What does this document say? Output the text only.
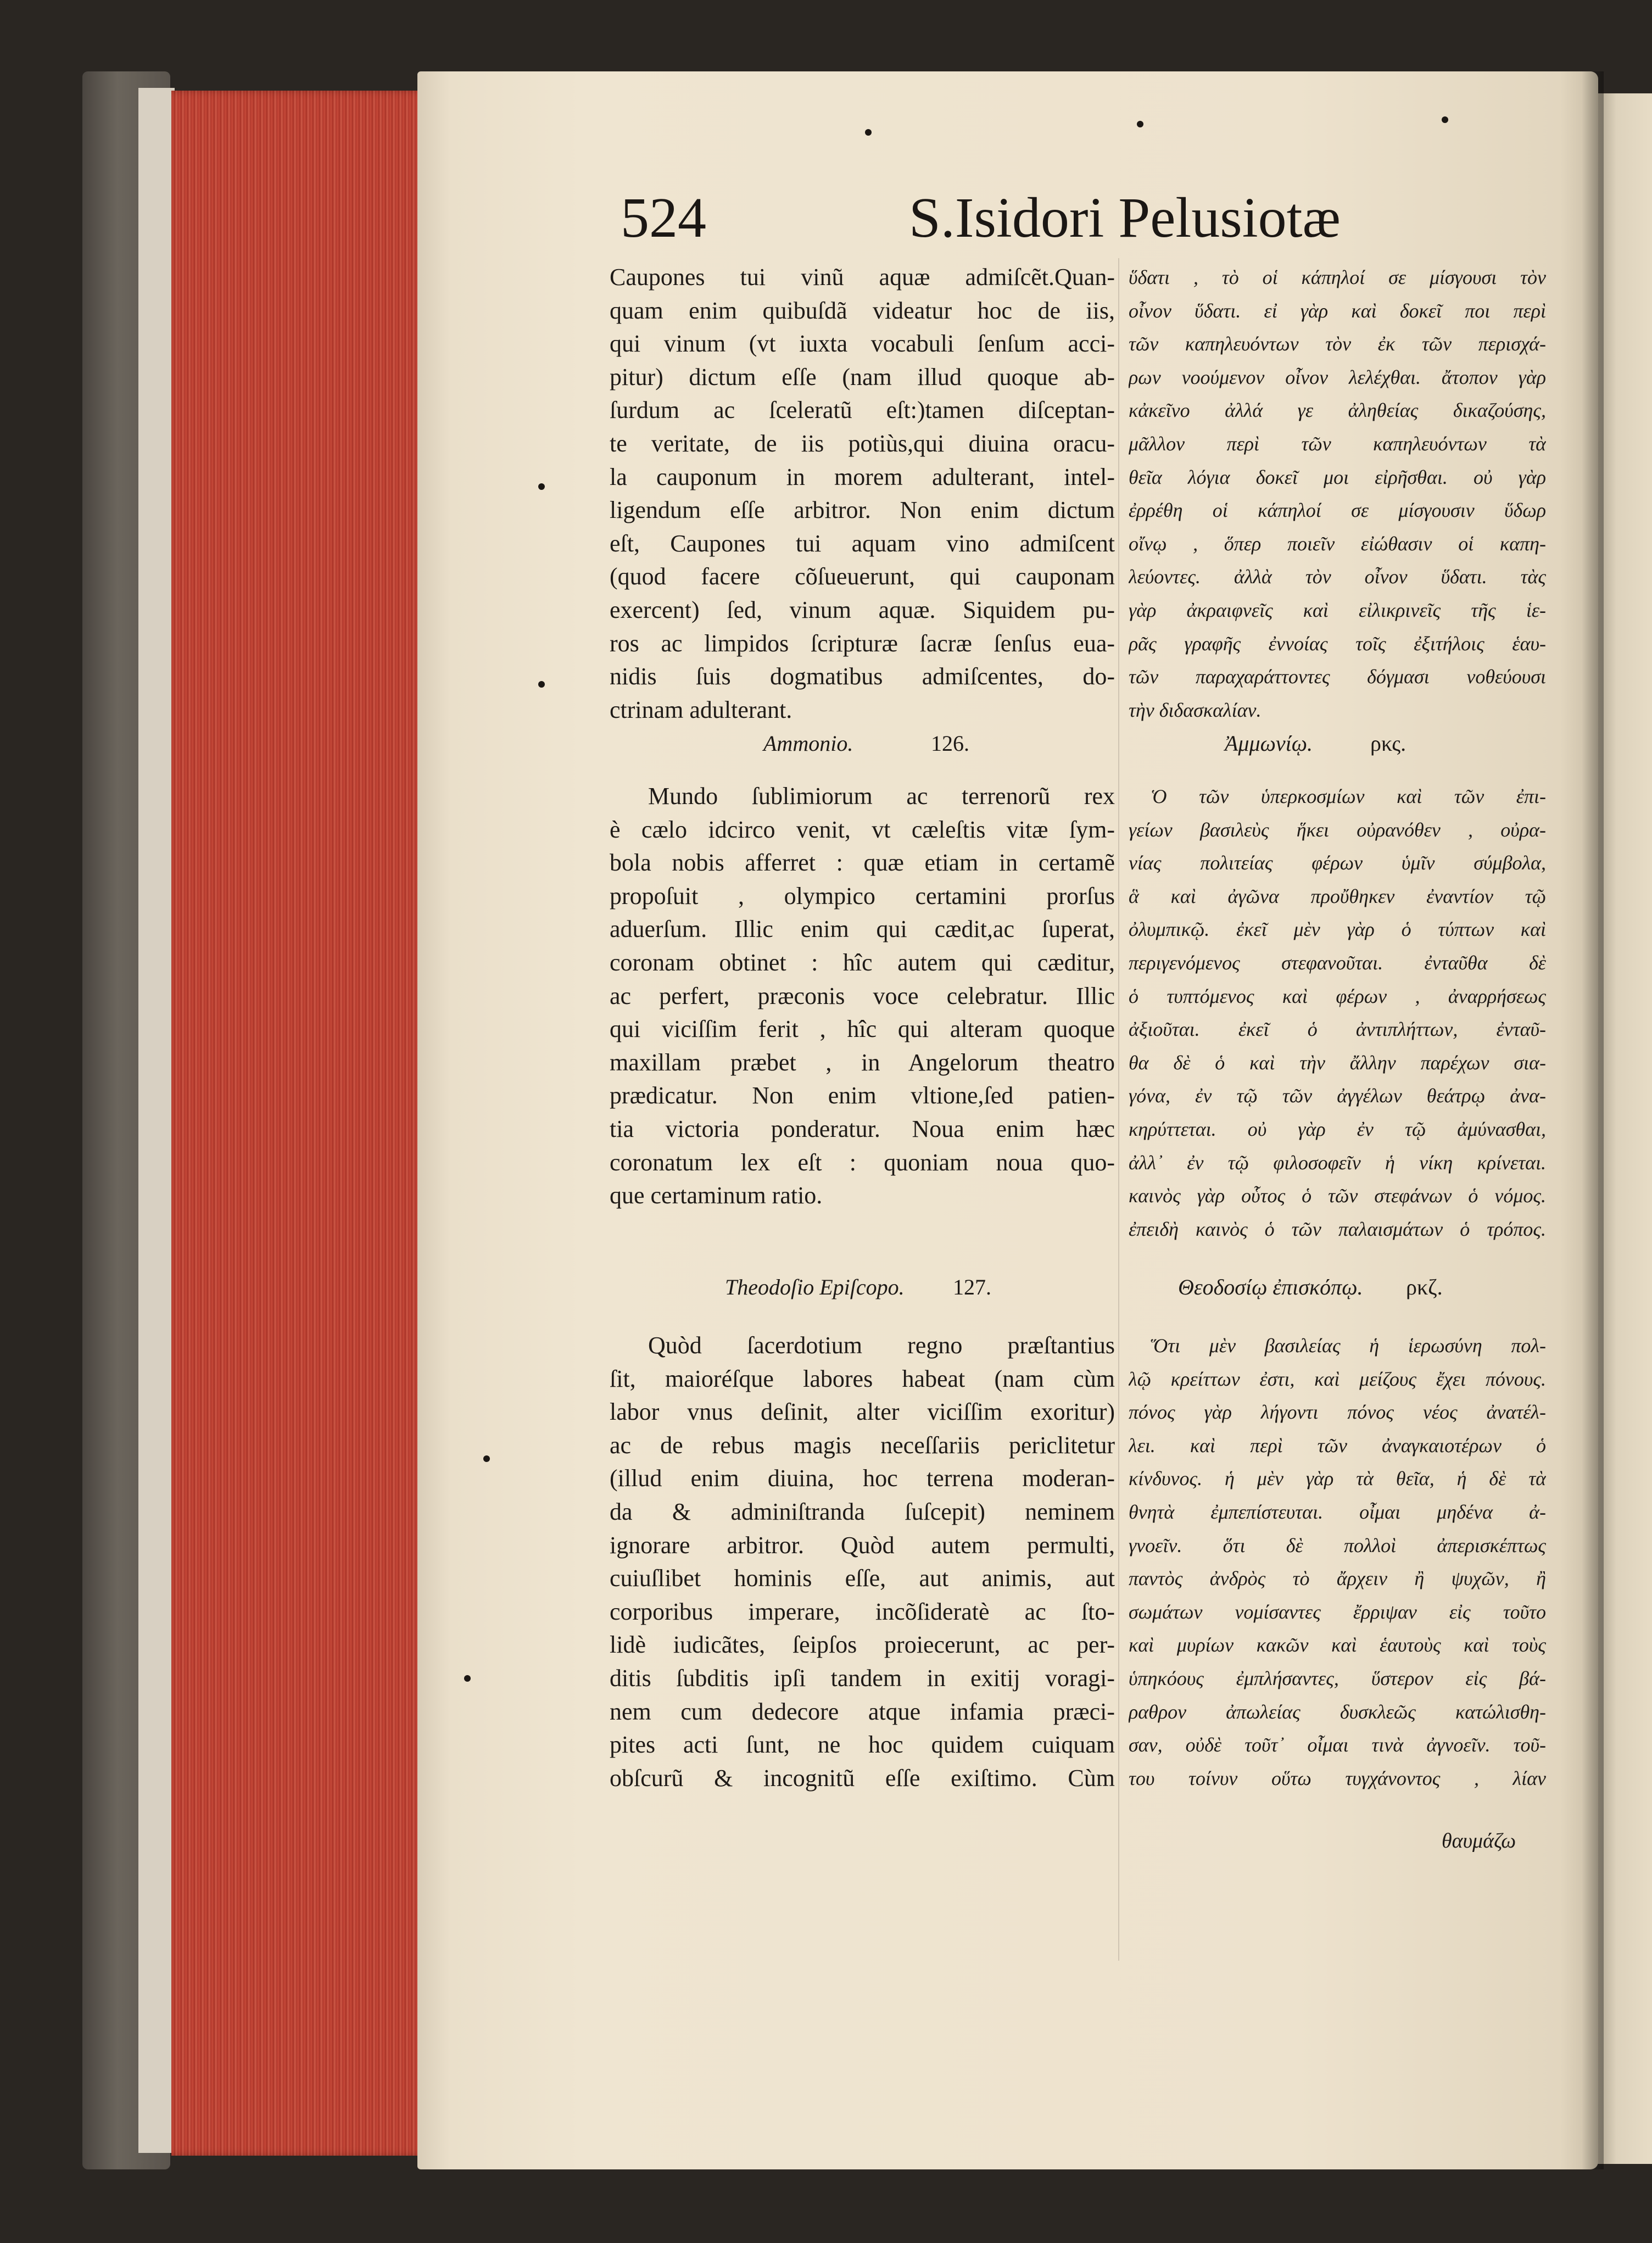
524	S.Isidori Pelusiotæ
Caupones tui vinũ aquæ admiſcẽt.Quan-
quam enim quibuſdã videatur hoc de iis,
qui vinum (vt iuxta vocabuli ſenſum acci-
pitur) dictum eſſe (nam illud quoque ab-
ſurdum ac ſceleratũ eſt:)tamen diſceptan-
te veritate, de iis potiùs,qui diuina oracu-
la cauponum in morem adulterant, intel-
ligendum eſſe arbitror. Non enim dictum
eſt, Caupones tui aquam vino admiſcent
(quod facere cõſueuerunt, qui cauponam
exercent) ſed, vinum aquæ. Siquidem pu-
ros ac limpidos ſcripturæ ſacræ ſenſus eua-
nidis ſuis dogmatibus admiſcentes, do-
ctrinam adulterant.
Ammonio.	126.
Mundo ſublimiorum ac terrenorũ rex
è cælo idcirco venit, vt cæleſtis vitæ ſym-
bola nobis afferret : quæ etiam in certamẽ
propoſuit , olympico certamini prorſus
aduerſum. Illic enim qui cædit,ac ſuperat,
coronam obtinet : hîc autem qui cæditur,
ac perfert, præconis voce celebratur. Illic
qui viciſſim ferit , hîc qui alteram quoque
maxillam præbet , in Angelorum theatro
prædicatur. Non enim vltione,ſed patien-
tia victoria ponderatur. Noua enim hæc
coronatum lex eſt : quoniam noua quo-
que certaminum ratio.
Theodoſio Epiſcopo. 127.
Quòd ſacerdotium regno præſtantius
ſit, maioréſque labores habeat (nam cùm
labor vnus deſinit, alter viciſſim exoritur)
ac de rebus magis neceſſariis periclitetur
(illud enim diuina, hoc terrena moderan-
da & adminiſtranda ſuſcepit) neminem
ignorare arbitror. Quòd autem permulti,
cuiuſlibet hominis eſſe, aut animis, aut
corporibus imperare, incõſideratè ac ſto-
lidè iudicãtes, ſeipſos proiecerunt, ac per-
ditis ſubditis ipſi tandem in exitij voragi-
nem cum dedecore atque infamia præci-
pites acti ſunt, ne hoc quidem cuiquam
obſcurũ & incognitũ eſſe exiſtimo. Cùm
ὕδατι , τὸ οἱ κάπηλοί σε μίσγουσι τὸν
οἶνον ὕδατι. εἰ γὰρ καὶ δοκεῖ ποι περὶ
τῶν καπηλευόντων τὸν ἐκ τῶν περισχά-
ρων νοούμενον οἶνον λελέχθαι. ἄτοπον γὰρ
κἀκεῖνο ἀλλά γε ἀληθείας δικαζούσης,
μᾶλλον περὶ τῶν καπηλευόντων τὰ
θεῖα λόγια δοκεῖ μοι εἰρῆσθαι. οὐ γὰρ
ἐρρέθη οἱ κάπηλοί σε μίσγουσιν ὕδωρ
οἴνῳ , ὅπερ ποιεῖν εἰώθασιν οἱ καπη-
λεύοντες. ἀλλὰ τὸν οἶνον ὕδατι. τὰς
γὰρ ἀκραιφνεῖς καὶ εἰλικρινεῖς τῆς ἱε-
ρᾶς γραφῆς ἐννοίας τοῖς ἐξιτήλοις ἑαυ-
τῶν παραχαράττοντες δόγμασι νοθεύουσι
τὴν διδασκαλίαν.
Ἀμμωνίῳ.	ρκς.
Ὁ τῶν ὑπερκοσμίων καὶ τῶν ἐπι-
γείων βασιλεὺς ἥκει οὐρανόθεν , οὐρα-
νίας πολιτείας φέρων ὑμῖν σύμβολα,
ἃ καὶ ἀγῶνα προὔθηκεν ἐναντίον τῷ
ὀλυμπικῷ. ἐκεῖ μὲν γὰρ ὁ τύπτων καὶ
περιγενόμενος στεφανοῦται. ἐνταῦθα δὲ
ὁ τυπτόμενος καὶ φέρων , ἀναρρήσεως
ἀξιοῦται. ἐκεῖ ὁ ἀντιπλήττων, ἐνταῦ-
θα δὲ ὁ καὶ τὴν ἄλλην παρέχων σια-
γόνα, ἐν τῷ τῶν ἀγγέλων θεάτρῳ ἀνα-
κηρύττεται. οὐ γὰρ ἐν τῷ ἀμύνασθαι,
ἀλλ᾽ ἐν τῷ φιλοσοφεῖν ἡ νίκη κρίνεται.
καινὸς γὰρ οὗτος ὁ τῶν στεφάνων ὁ νόμος.
ἐπειδὴ καινὸς ὁ τῶν παλαισμάτων ὁ τρόπος.
Θεοδοσίῳ ἐπισκόπῳ. ρκζ.
Ὅτι μὲν βασιλείας ἡ ἱερωσύνη πολ-
λῷ κρείττων ἐστι, καὶ μείζους ἔχει πόνους.
πόνος γὰρ λήγοντι πόνος νέος ἀνατέλ-
λει. καὶ περὶ τῶν ἀναγκαιοτέρων ὁ
κίνδυνος. ἡ μὲν γὰρ τὰ θεῖα, ἡ δὲ τὰ
θνητὰ ἐμπεπίστευται. οἶμαι μηδένα ἀ-
γνοεῖν. ὅτι δὲ πολλοὶ ἀπερισκέπτως
παντὸς ἀνδρὸς τὸ ἄρχειν ἢ ψυχῶν, ἢ
σωμάτων νομίσαντες ἔρριψαν εἰς τοῦτο
καὶ μυρίων κακῶν καὶ ἑαυτοὺς καὶ τοὺς
ὑπηκόους ἐμπλήσαντες, ὕστερον εἰς βά-
ραθρον ἀπωλείας δυσκλεῶς κατώλισθη-
σαν, οὐδὲ τοῦτ᾽ οἶμαι τινὰ ἀγνοεῖν. τοῦ-
του τοίνυν οὕτω τυγχάνοντος , λίαν
θαυμάζω
